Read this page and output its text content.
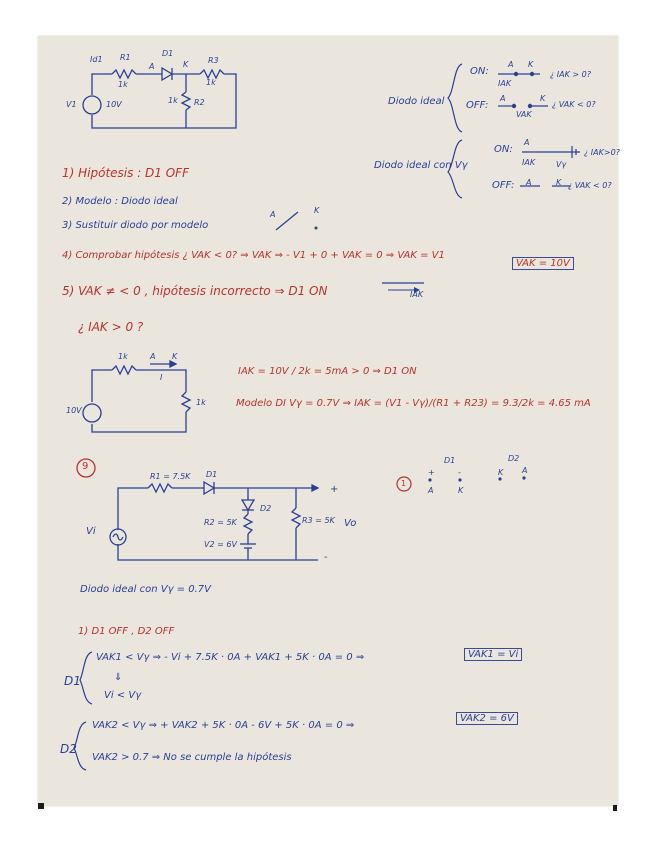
Id1 R1	D1
R3
A	K
1k	1k
1k R2
V1	10V	Diodo ideal
ON:
A K
IAK
¿ IAK > 0?
OFF:
A	K
VAK
¿ VAK < 0?
Diodo ideal con Vγ
ON:
A
IAK	Vγ
¿ IAK>0?
OFF: A	K ¿ VAK < 0?
1) Hipótesis : D1 OFF
2) Modelo : Diodo ideal
3) Sustituir diodo por modelo
A	K
4) Comprobar hipótesis ¿ VAK < 0? ⇒ VAK ⇒ - V1 + 0 + VAK = 0 ⇒ VAK = V1
VAK = 10V
5) VAK ≠ < 0 , hipótesis incorrecto ⇒ D1 ON	IAK
¿ IAK > 0 ?
1k	A K
I
1k
10V
IAK = 10V / 2k = 5mA > 0 ⇒ D1 ON
Modelo DI Vγ = 0.7V ⇒ IAK = (V1 - Vγ)/(R1 + R23) = 9.3/2k = 4.65 mA
9
1
R1 = 7.5K D1
D2
R2 = 5K
V2 = 6V
R3 = 5K Vo
Vi
+
-
D1	D2
+	-	K A
A	K
Diodo ideal con Vγ = 0.7V
1) D1 OFF , D2 OFF
D1
VAK1 < Vγ ⇒ - Vi + 7.5K · 0A + VAK1 + 5K · 0A = 0 ⇒
⇓
Vi < Vγ
VAK1 = Vi
D2
VAK2 < Vγ ⇒ + VAK2 + 5K · 0A - 6V + 5K · 0A = 0 ⇒
VAK2 > 0.7 ⇒ No se cumple la hipótesis
VAK2 = 6V
